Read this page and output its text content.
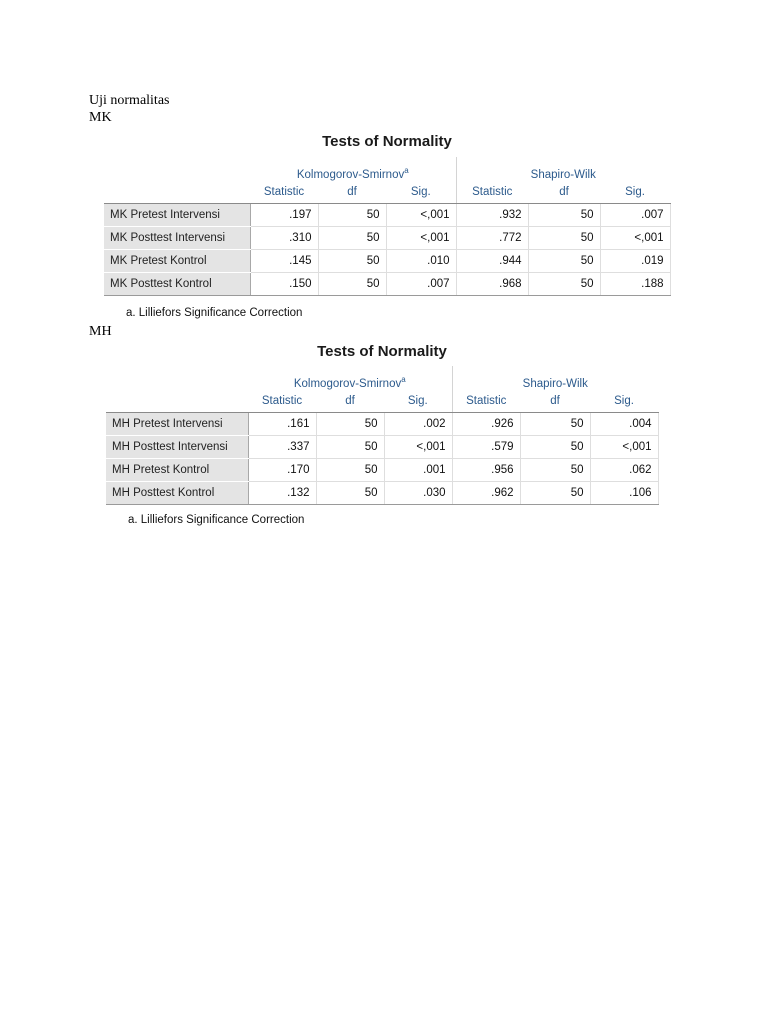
Uji normalitas
MK
Tests of Normality
	Kolmogorov-Smirnov$^a$			Shapiro-Wilk		
	Statistic	df	Sig.	Statistic	df	Sig.
MK Pretest Intervensi	.197	50	<,001	.932	50	.007
MK Posttest Intervensi	.310	50	<,001	.772	50	<,001
MK Pretest Kontrol	.145	50	.010	.944	50	.019
MK Posttest Kontrol	.150	50	.007	.968	50	.188
a. Lilliefors Significance Correction
MH
Tests of Normality
	Kolmogorov-Smirnov$^a$			Shapiro-Wilk		
	Statistic	df	Sig.	Statistic	df	Sig.
MH Pretest Intervensi	.161	50	.002	.926	50	.004
MH Posttest Intervensi	.337	50	<,001	.579	50	<,001
MH Pretest Kontrol	.170	50	.001	.956	50	.062
MH Posttest Kontrol	.132	50	.030	.962	50	.106
a. Lilliefors Significance Correction
